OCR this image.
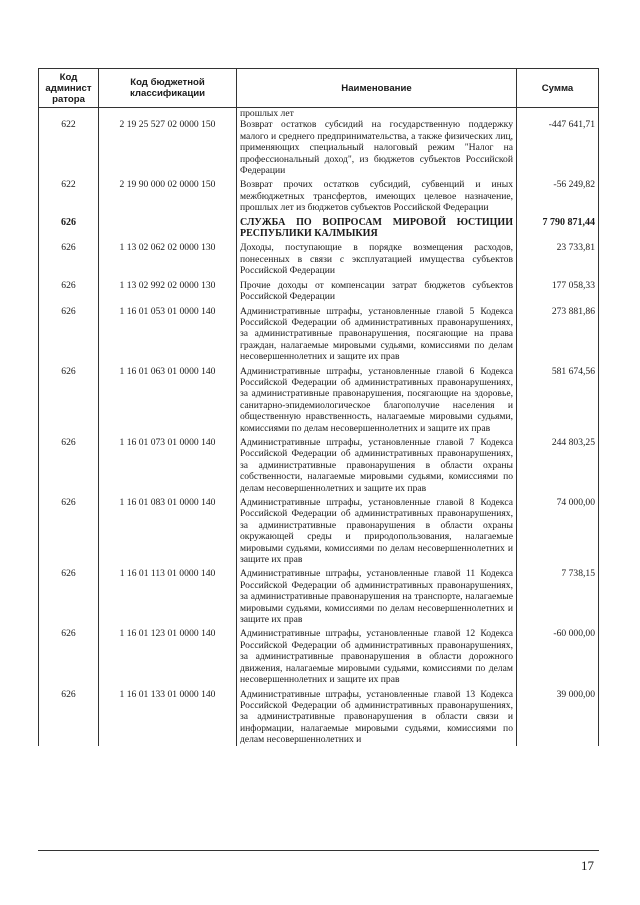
Код админист ратора	Код бюджетной классификации	Наименование	Сумма
		прошлых лет	
622	2 19 25 527 02 0000 150	Возврат остатков субсидий на государственную поддержку малого и среднего предпринимательства, а также физических лиц, применяющих специальный налоговый режим "Налог на профессиональный доход", из бюджетов субъектов Российской Федерации	-447 641,71

622	2 19 90 000 02 0000 150	Возврат прочих остатков субсидий, субвенций и иных межбюджетных трансфертов, имеющих целевое назначение, прошлых лет из бюджетов субъектов Российской Федерации	-56 249,82

626		СЛУЖБА ПО ВОПРОСАМ МИРОВОЙ ЮСТИЦИИ РЕСПУБЛИКИ КАЛМЫКИЯ	7 790 871,44

626	1 13 02 062 02 0000 130	Доходы, поступающие в порядке возмещения расходов, понесенных в связи с эксплуатацией имущества субъектов Российской Федерации	23 733,81

626	1 13 02 992 02 0000 130	Прочие доходы от компенсации затрат бюджетов субъектов Российской Федерации	177 058,33

626	1 16 01 053 01 0000 140	Административные штрафы, установленные главой 5 Кодекса Российской Федерации об административных правонарушениях, за административные правонарушения, посягающие на права граждан, налагаемые мировыми судьями, комиссиями по делам несовершеннолетних и защите их прав	273 881,86

626	1 16 01 063 01 0000 140	Административные штрафы, установленные главой 6 Кодекса Российской Федерации об административных правонарушениях, за административные правонарушения, посягающие на здоровье, санитарно-эпидемиологическое благополучие населения и общественную нравственность, налагаемые мировыми судьями, комиссиями по делам несовершеннолетних и защите их прав	581 674,56

626	1 16 01 073 01 0000 140	Административные штрафы, установленные главой 7 Кодекса Российской Федерации об административных правонарушениях, за административные правонарушения в области охраны собственности, налагаемые мировыми судьями, комиссиями по делам несовершеннолетних и защите их прав	244 803,25

626	1 16 01 083 01 0000 140	Административные штрафы, установленные главой 8 Кодекса Российской Федерации об административных правонарушениях, за административные правонарушения в области охраны окружающей среды и природопользования, налагаемые мировыми судьями, комиссиями по делам несовершеннолетних и защите их прав	74 000,00

626	1 16 01 113 01 0000 140	Административные штрафы, установленные главой 11 Кодекса Российской Федерации об административных правонарушениях, за административные правонарушения на транспорте, налагаемые мировыми судьями, комиссиями по делам несовершеннолетних и защите их прав	7 738,15

626	1 16 01 123 01 0000 140	Административные штрафы, установленные главой 12 Кодекса Российской Федерации об административных правонарушениях, за административные правонарушения в области дорожного движения, налагаемые мировыми судьями, комиссиями по делам несовершеннолетних и защите их прав	-60 000,00

626	1 16 01 133 01 0000 140	Административные штрафы, установленные главой 13 Кодекса Российской Федерации об административных правонарушениях, за административные правонарушения в области связи и информации, налагаемые мировыми судьями, комиссиями по делам несовершеннолетних и	39 000,00
17
